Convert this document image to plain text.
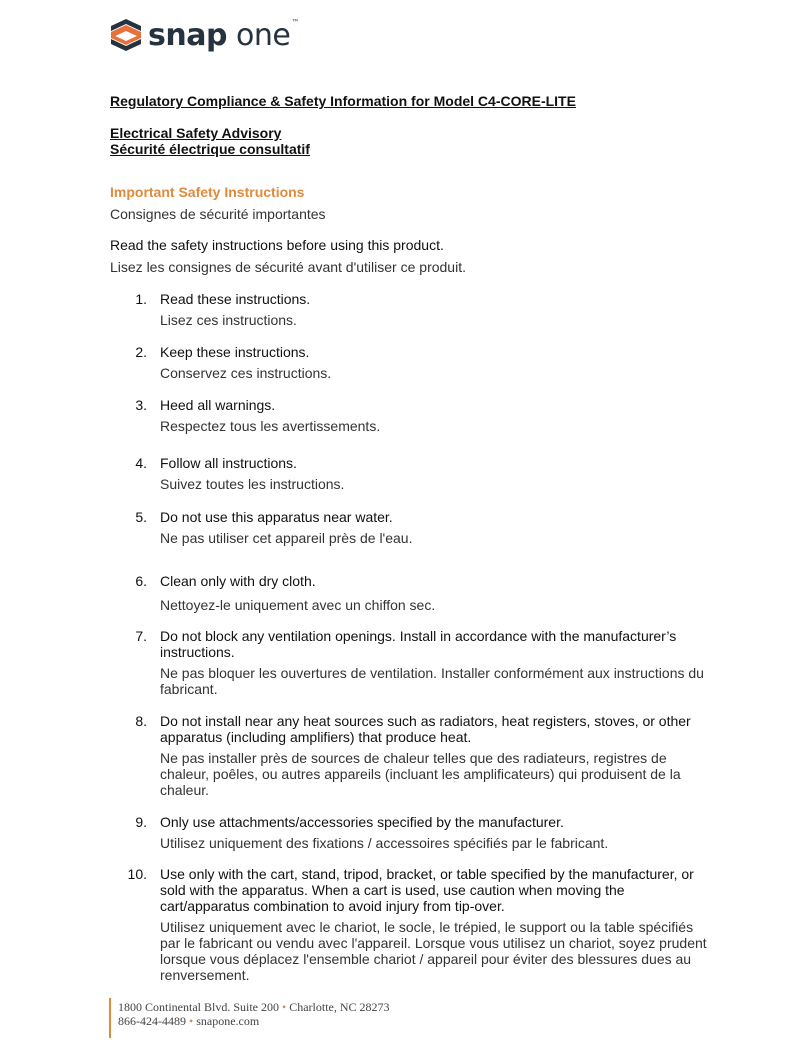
snap one™
Regulatory Compliance & Safety Information for Model C4-CORE-LITE
Electrical Safety Advisory
Sécurité électrique consultatif
Important Safety Instructions
Consignes de sécurité importantes
Read the safety instructions before using this product.
Lisez les consignes de sécurité avant d'utiliser ce produit.
1. Read these instructions.
Lisez ces instructions.
2. Keep these instructions.
Conservez ces instructions.
3. Heed all warnings.
Respectez tous les avertissements.
4. Follow all instructions.
Suivez toutes les instructions.
5. Do not use this apparatus near water.
Ne pas utiliser cet appareil près de l'eau.
6. Clean only with dry cloth.
Nettoyez-le uniquement avec un chiffon sec.
7. Do not block any ventilation openings. Install in accordance with the manufacturer’s instructions.
Ne pas bloquer les ouvertures de ventilation. Installer conformément aux instructions du fabricant.
8. Do not install near any heat sources such as radiators, heat registers, stoves, or other apparatus (including amplifiers) that produce heat.
Ne pas installer près de sources de chaleur telles que des radiateurs, registres de chaleur, poêles, ou autres appareils (incluant les amplificateurs) qui produisent de la chaleur.
9. Only use attachments/accessories specified by the manufacturer.
Utilisez uniquement des fixations / accessoires spécifiés par le fabricant.
10. Use only with the cart, stand, tripod, bracket, or table specified by the manufacturer, or sold with the apparatus. When a cart is used, use caution when moving the cart/apparatus combination to avoid injury from tip-over.
Utilisez uniquement avec le chariot, le socle, le trépied, le support ou la table spécifiés par le fabricant ou vendu avec l'appareil. Lorsque vous utilisez un chariot, soyez prudent lorsque vous déplacez l'ensemble chariot / appareil pour éviter des blessures dues au renversement.
1800 Continental Blvd. Suite 200 • Charlotte, NC 28273
866-424-4489 • snapone.com
